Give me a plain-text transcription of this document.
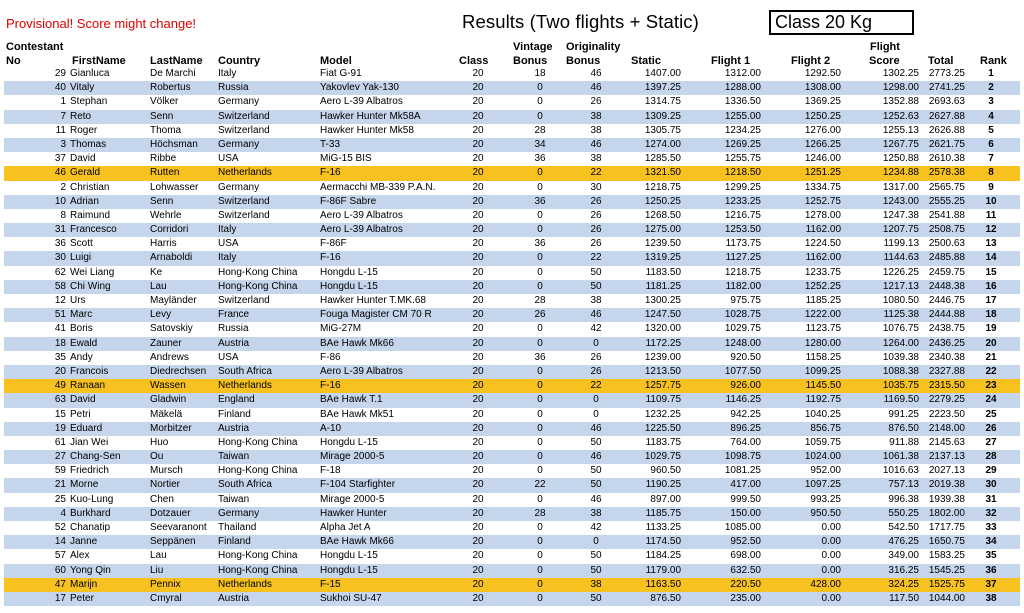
Provisional! Score might change!	Results (Two flights + Static)	Class 20 Kg
Contestant
No	FirstName LastName Country	Model	Class
Vintage
Bonus
Originality
Bonus	Static	Flight 1	Flight 2
Flight
Score	Total Rank
29 Gianluca	De Marchi	Italy	Fiat G-91	20	18	46	1407.00	1312.00	1292.50	1302.25 2773.25	1
40 Vitaly	Robertus	Russia	Yakovlev Yak-130	20	0	46	1397.25	1288.00	1308.00	1298.00 2741.25	2
1 Stephan	Völker	Germany	Aero L-39 Albatros	20	0	26	1314.75	1336.50	1369.25	1352.88 2693.63	3
7 Reto	Senn	Switzerland	Hawker Hunter Mk58A	20	0	38	1309.25	1255.00	1250.25	1252.63 2627.88	4
11 Roger	Thoma	Switzerland	Hawker Hunter Mk58	20	28	38	1305.75	1234.25	1276.00	1255.13 2626.88	5
3 Thomas	Höchsman	Germany	T-33	20	34	46	1274.00	1269.25	1266.25	1267.75 2621.75	6
37 David	Ribbe	USA	MiG-15 BIS	20	36	38	1285.50	1255.75	1246.00	1250.88 2610.38	7
46 Gerald	Rutten	Netherlands	F-16	20	0	22	1321.50	1218.50	1251.25	1234.88 2578.38	8
2 Christian	Lohwasser	Germany	Aermacchi MB-339 P.A.N.	20	0	30	1218.75	1299.25	1334.75	1317.00 2565.75	9
10 Adrian	Senn	Switzerland	F-86F Sabre	20	36	26	1250.25	1233.25	1252.75	1243.00 2555.25	10
8 Raimund	Wehrle	Switzerland	Aero L-39 Albatros	20	0	26	1268.50	1216.75	1278.00	1247.38 2541.88	11
31 Francesco	Corridori	Italy	Aero L-39 Albatros	20	0	26	1275.00	1253.50	1162.00	1207.75 2508.75	12
36 Scott	Harris	USA	F-86F	20	36	26	1239.50	1173.75	1224.50	1199.13 2500.63	13
30 Luigi	Arnaboldi	Italy	F-16	20	0	22	1319.25	1127.25	1162.00	1144.63 2485.88	14
62 Wei Liang	Ke	Hong-Kong China	Hongdu L-15	20	0	50	1183.50	1218.75	1233.75	1226.25 2459.75	15
58 Chi Wing	Lau	Hong-Kong China	Hongdu L-15	20	0	50	1181.25	1182.00	1252.25	1217.13 2448.38	16
12 Urs	Mayländer	Switzerland	Hawker Hunter T.MK.68	20	28	38	1300.25	975.75	1185.25	1080.50 2446.75	17
51 Marc	Levy	France	Fouga Magister CM 70 R	20	26	46	1247.50	1028.75	1222.00	1125.38 2444.88	18
41 Boris	Satovskiy	Russia	MiG-27M	20	0	42	1320.00	1029.75	1123.75	1076.75 2438.75	19
18 Ewald	Zauner	Austria	BAe Hawk Mk66	20	0	0	1172.25	1248.00	1280.00	1264.00 2436.25	20
35 Andy	Andrews	USA	F-86	20	36	26	1239.00	920.50	1158.25	1039.38 2340.38	21
20 Francois	Diedrechsen	South Africa	Aero L-39 Albatros	20	0	26	1213.50	1077.50	1099.25	1088.38 2327.88	22
49 Ranaan	Wassen	Netherlands	F-16	20	0	22	1257.75	926.00	1145.50	1035.75 2315.50	23
63 David	Gladwin	England	BAe Hawk T.1	20	0	0	1109.75	1146.25	1192.75	1169.50 2279.25	24
15 Petri	Mäkelä	Finland	BAe Hawk Mk51	20	0	0	1232.25	942.25	1040.25	991.25 2223.50	25
19 Eduard	Morbitzer	Austria	A-10	20	0	46	1225.50	896.25	856.75	876.50 2148.00	26
61 Jian Wei	Huo	Hong-Kong China	Hongdu L-15	20	0	50	1183.75	764.00	1059.75	911.88 2145.63	27
27 Chang-Sen	Ou	Taiwan	Mirage 2000-5	20	0	46	1029.75	1098.75	1024.00	1061.38 2137.13	28
59 Friedrich	Mursch	Hong-Kong China	F-18	20	0	50	960.50	1081.25	952.00	1016.63 2027.13	29
21 Morne	Nortier	South Africa	F-104 Starfighter	20	22	50	1190.25	417.00	1097.25	757.13 2019.38	30
25 Kuo-Lung	Chen	Taiwan	Mirage 2000-5	20	0	46	897.00	999.50	993.25	996.38 1939.38	31
4 Burkhard	Dotzauer	Germany	Hawker Hunter	20	28	38	1185.75	150.00	950.50	550.25 1802.00	32
52 Chanatip	Seevaranont	Thailand	Alpha Jet A	20	0	42	1133.25	1085.00	0.00	542.50 1717.75	33
14 Janne	Seppänen	Finland	BAe Hawk Mk66	20	0	0	1174.50	952.50	0.00	476.25 1650.75	34
57 Alex	Lau	Hong-Kong China	Hongdu L-15	20	0	50	1184.25	698.00	0.00	349.00 1583.25	35
60 Yong Qin	Liu	Hong-Kong China	Hongdu L-15	20	0	50	1179.00	632.50	0.00	316.25 1545.25	36
47 Marijn	Pennix	Netherlands	F-15	20	0	38	1163.50	220.50	428.00	324.25 1525.75	37
17 Peter	Cmyral	Austria	Sukhoi SU-47	20	0	50	876.50	235.00	0.00	117.50 1044.00	38
